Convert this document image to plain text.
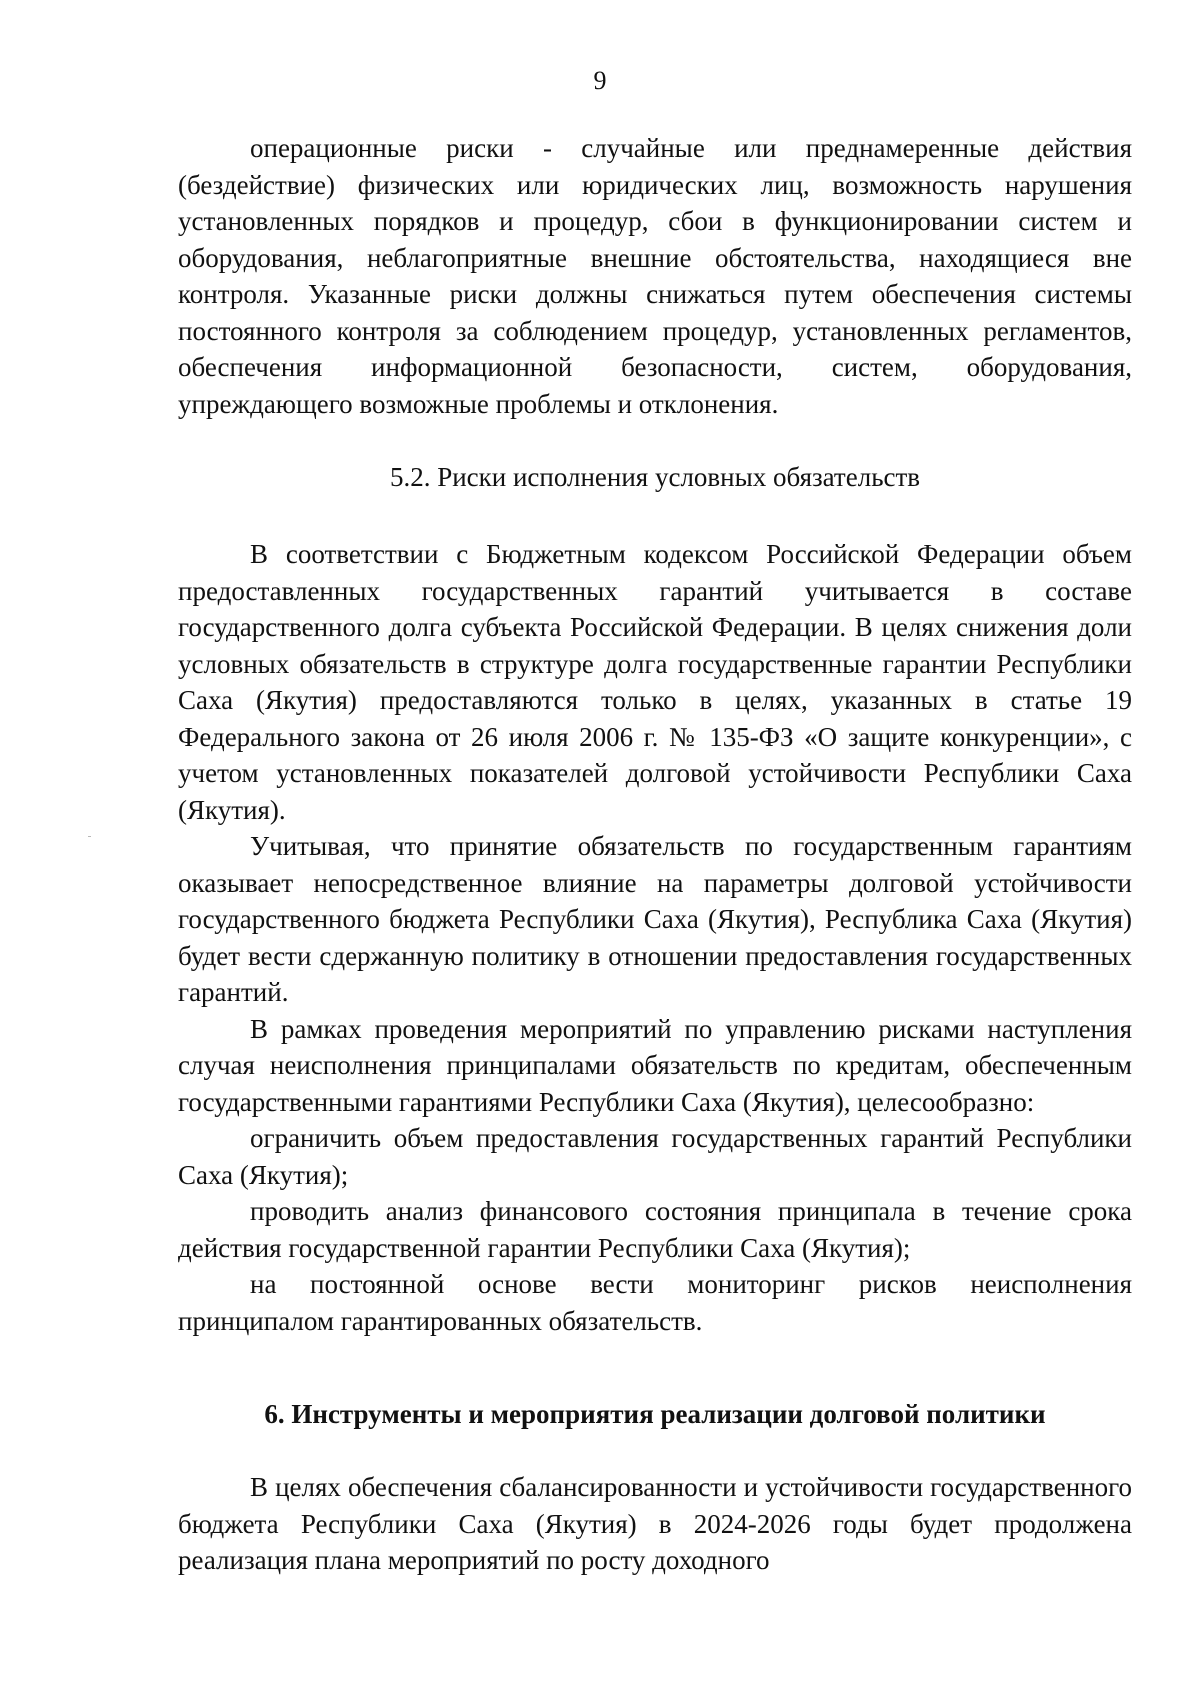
9

операционные риски - случайные или преднамеренные действия (бездействие) физических или юридических лиц, возможность нарушения установленных порядков и процедур, сбои в функционировании систем и оборудования, неблагоприятные внешние обстоятельства, находящиеся вне контроля. Указанные риски должны снижаться путем обеспечения системы постоянного контроля за соблюдением процедур, установленных регламентов, обеспечения информационной безопасности, систем, оборудования, упреждающего возможные проблемы и отклонения.

5.2. Риски исполнения условных обязательств

В соответствии с Бюджетным кодексом Российской Федерации объем предоставленных государственных гарантий учитывается в составе государственного долга субъекта Российской Федерации. В целях снижения доли условных обязательств в структуре долга государственные гарантии Республики Саха (Якутия) предоставляются только в целях, указанных в статье 19 Федерального закона от 26 июля 2006 г. № 135-ФЗ «О защите конкуренции», с учетом установленных показателей долговой устойчивости Республики Саха (Якутия).

Учитывая, что принятие обязательств по государственным гарантиям оказывает непосредственное влияние на параметры долговой устойчивости государственного бюджета Республики Саха (Якутия), Республика Саха (Якутия) будет вести сдержанную политику в отношении предоставления государственных гарантий.

В рамках проведения мероприятий по управлению рисками наступления случая неисполнения принципалами обязательств по кредитам, обеспеченным государственными гарантиями Республики Саха (Якутия), целесообразно:

ограничить объем предоставления государственных гарантий Республики Саха (Якутия);

проводить анализ финансового состояния принципала в течение срока действия государственной гарантии Республики Саха (Якутия);

на постоянной основе вести мониторинг рисков неисполнения принципалом гарантированных обязательств.

6. Инструменты и мероприятия реализации долговой политики

В целях обеспечения сбалансированности и устойчивости государственного бюджета Республики Саха (Якутия) в 2024-2026 годы будет продолжена реализация плана мероприятий по росту доходного
